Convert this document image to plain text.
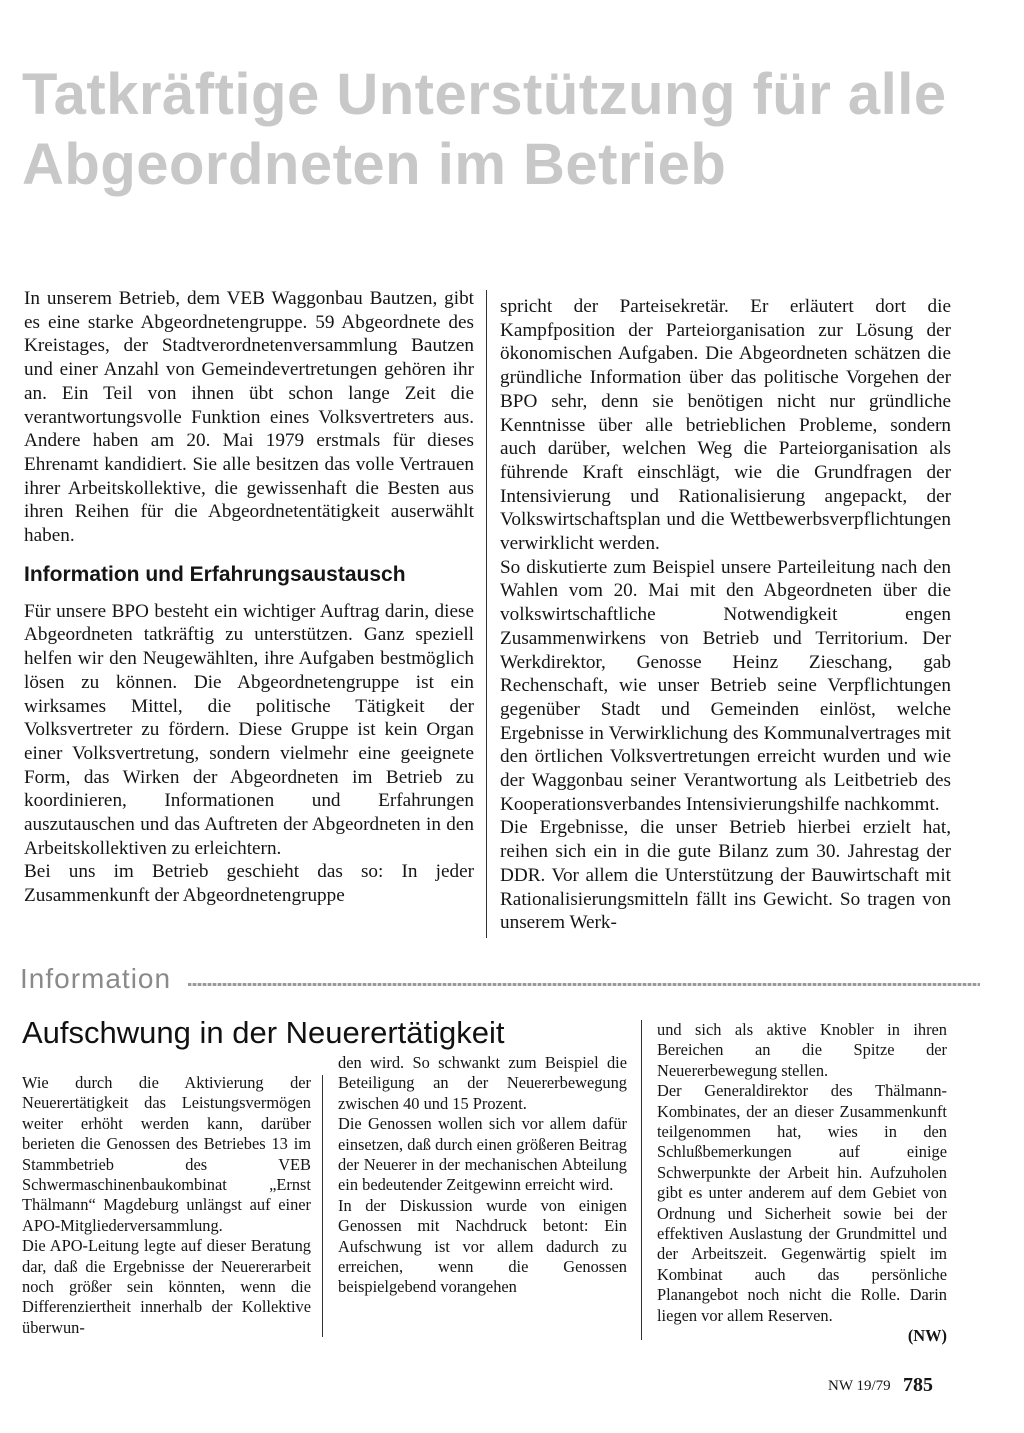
Tatkräftige Unterstützung für alle Abgeordneten im Betrieb

In unserem Betrieb, dem VEB Waggonbau Bautzen, gibt es eine starke Abgeordnetengruppe. 59 Abgeordnete des Kreistages, der Stadtverordnetenversammlung Bautzen und einer Anzahl von Gemeindevertretungen gehören ihr an. Ein Teil von ihnen übt schon lange Zeit die verantwortungsvolle Funktion eines Volksvertreters aus. Andere haben am 20. Mai 1979 erstmals für dieses Ehrenamt kandidiert. Sie alle besitzen das volle Vertrauen ihrer Arbeitskollektive, die gewissenhaft die Besten aus ihren Reihen für die Abgeordnetentätigkeit auserwählt haben.

Information und Erfahrungsaustausch

Für unsere BPO besteht ein wichtiger Auftrag darin, diese Abgeordneten tatkräftig zu unterstützen. Ganz speziell helfen wir den Neugewählten, ihre Aufgaben bestmöglich lösen zu können. Die Abgeordnetengruppe ist ein wirksames Mittel, die politische Tätigkeit der Volksvertreter zu fördern. Diese Gruppe ist kein Organ einer Volksvertretung, sondern vielmehr eine geeignete Form, das Wirken der Abgeordneten im Betrieb zu koordinieren, Informationen und Erfahrungen auszutauschen und das Auftreten der Abgeordneten in den Arbeitskollektiven zu erleichtern.

Bei uns im Betrieb geschieht das so: In jeder Zusammenkunft der Abgeordnetengruppe

spricht der Parteisekretär. Er erläutert dort die Kampfposition der Parteiorganisation zur Lösung der ökonomischen Aufgaben. Die Abgeordneten schätzen die gründliche Information über das politische Vorgehen der BPO sehr, denn sie benötigen nicht nur gründliche Kenntnisse über alle betrieblichen Probleme, sondern auch darüber, welchen Weg die Parteiorganisation als führende Kraft einschlägt, wie die Grundfragen der Intensivierung und Rationalisierung angepackt, der Volkswirtschaftsplan und die Wettbewerbsverpflichtungen verwirklicht werden.

So diskutierte zum Beispiel unsere Parteileitung nach den Wahlen vom 20. Mai mit den Abgeordneten über die volkswirtschaftliche Notwendigkeit engen Zusammenwirkens von Betrieb und Territorium. Der Werkdirektor, Genosse Heinz Zieschang, gab Rechenschaft, wie unser Betrieb seine Verpflichtungen gegenüber Stadt und Gemeinden einlöst, welche Ergebnisse in Verwirklichung des Kommunalvertrages mit den örtlichen Volksvertretungen erreicht wurden und wie der Waggonbau seiner Verantwortung als Leitbetrieb des Kooperationsverbandes Intensivierungshilfe nachkommt.

Die Ergebnisse, die unser Betrieb hierbei erzielt hat, reihen sich ein in die gute Bilanz zum 30. Jahrestag der DDR. Vor allem die Unterstützung der Bauwirtschaft mit Rationalisierungsmitteln fällt ins Gewicht. So tragen von unserem Werk-

Information
Aufschwung in der Neuerertätigkeit

Wie durch die Aktivierung der Neuerertätigkeit das Leistungsvermögen weiter erhöht werden kann, darüber berieten die Genossen des Betriebes 13 im Stammbetrieb des VEB Schwermaschinenbaukombinat „Ernst Thälmann“ Magdeburg unlängst auf einer APO-Mitgliederversammlung.

Die APO-Leitung legte auf dieser Beratung dar, daß die Ergebnisse der Neuererarbeit noch größer sein könnten, wenn die Differenziertheit innerhalb der Kollektive überwun-

den wird. So schwankt zum Beispiel die Beteiligung an der Neuererbewegung zwischen 40 und 15 Prozent.

Die Genossen wollen sich vor allem dafür einsetzen, daß durch einen größeren Beitrag der Neuerer in der mechanischen Abteilung ein bedeutender Zeitgewinn erreicht wird.

In der Diskussion wurde von einigen Genossen mit Nachdruck betont: Ein Aufschwung ist vor allem dadurch zu erreichen, wenn die Genossen beispielgebend vorangehen

und sich als aktive Knobler in ihren Bereichen an die Spitze der Neuererbewegung stellen.

Der Generaldirektor des Thälmann-Kombinates, der an dieser Zusammenkunft teilgenommen hat, wies in den Schlußbemerkungen auf einige Schwerpunkte der Arbeit hin. Aufzuholen gibt es unter anderem auf dem Gebiet von Ordnung und Sicherheit sowie bei der effektiven Auslastung der Grundmittel und der Arbeitszeit. Gegenwärtig spielt im Kombinat auch das persönliche Planangebot noch nicht die Rolle. Darin liegen vor allem Reserven.

(NW)

NW 19/79 785
